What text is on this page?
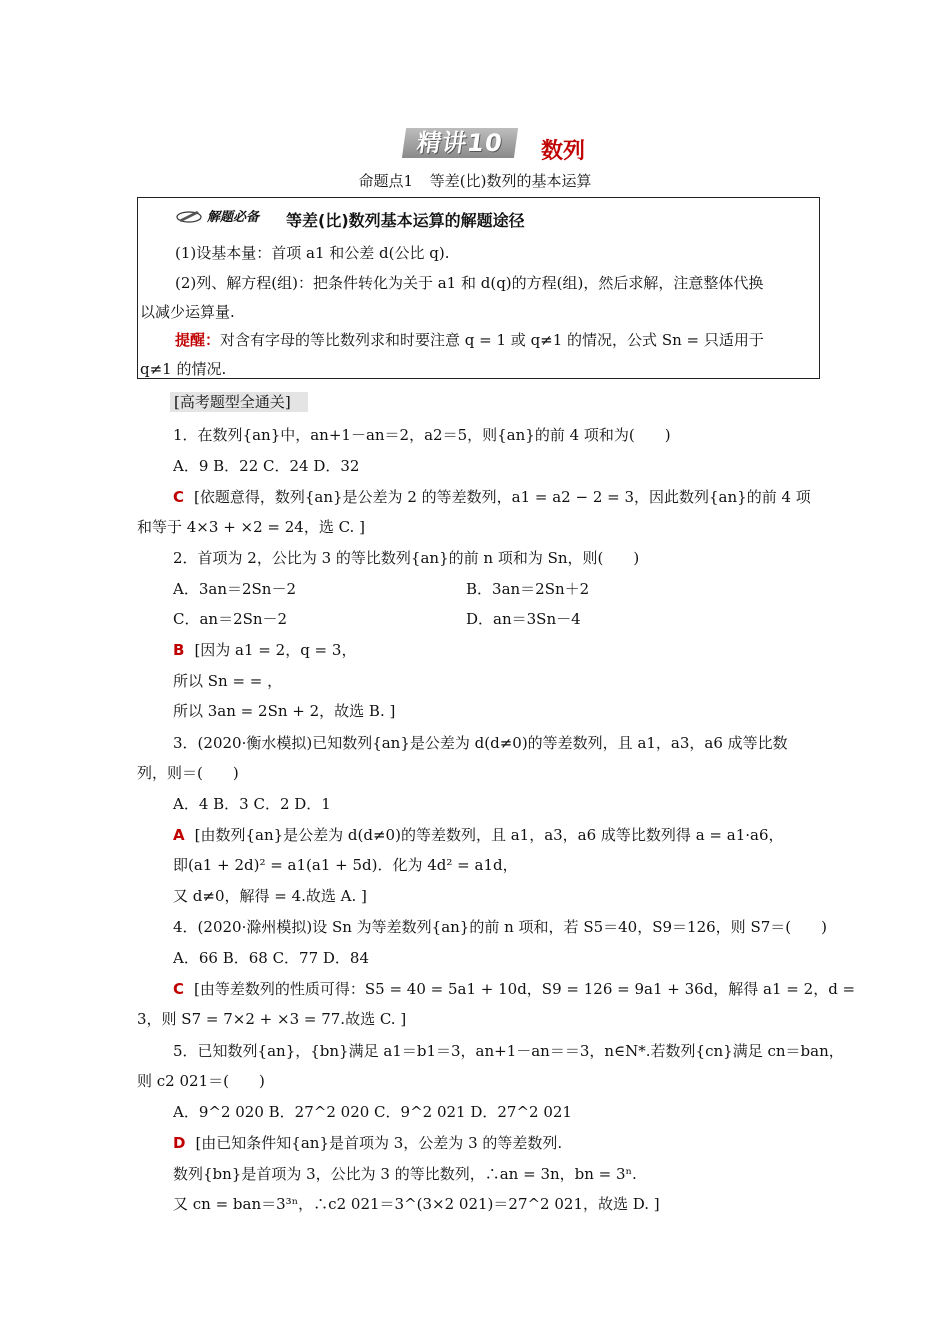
精讲10	数列
命题点1 等差(比)数列的基本运算
解题必备 等差(比)数列基本运算的解题途径
(1)设基本量：首项 a1 和公差 d(公比 q).
(2)列、解方程(组)：把条件转化为关于 a1 和 d(q)的方程(组)，然后求解，注意整体代换
以减少运算量.
提醒：对含有字母的等比数列求和时要注意 q = 1 或 q≠1 的情况，公式 Sn = 只适用于
q≠1 的情况.
[高考题型全通关]
1．在数列{an}中，an+1－an＝2，a2＝5，则{an}的前 4 项和为(　　)
A．9 B．22 C．24 D．32
C [依题意得，数列{an}是公差为 2 的等差数列，a1 = a2 − 2 = 3，因此数列{an}的前 4 项
和等于 4×3 + ×2 = 24，选 C. ]
2．首项为 2，公比为 3 的等比数列{an}的前 n 项和为 Sn，则(　　)
A．3an＝2Sn－2	B．3an＝2Sn＋2
C．an＝2Sn－2	D．an＝3Sn－4
B [因为 a1 = 2，q = 3，
所以 Sn = = ，
所以 3an = 2Sn + 2，故选 B. ]
3．(2020·衡水模拟)已知数列{an}是公差为 d(d≠0)的等差数列，且 a1，a3，a6 成等比数
列，则＝(　　)
A．4 B．3 C．2 D．1
A [由数列{an}是公差为 d(d≠0)的等差数列，且 a1，a3，a6 成等比数列得 a = a1·a6，
即(a1 + 2d)² = a1(a1 + 5d)．化为 4d² = a1d，
又 d≠0，解得 = 4.故选 A. ]
4．(2020·滁州模拟)设 Sn 为等差数列{an}的前 n 项和，若 S5＝40，S9＝126，则 S7＝(　　)
A．66 B．68 C．77 D．84
C [由等差数列的性质可得：S5 = 40 = 5a1 + 10d，S9 = 126 = 9a1 + 36d，解得 a1 = 2，d =
3，则 S7 = 7×2 + ×3 = 77.故选 C. ]
5．已知数列{an}，{bn}满足 a1＝b1＝3，an+1－an＝＝3，n∈N*.若数列{cn}满足 cn＝ban，
则 c2 021＝(　　)
A．9^2 020 B．27^2 020 C．9^2 021 D．27^2 021
D [由已知条件知{an}是首项为 3，公差为 3 的等差数列.
数列{bn}是首项为 3，公比为 3 的等比数列，∴an = 3n，bn = 3ⁿ.
又 cn = ban＝3³ⁿ，∴c2 021＝3^(3×2 021)＝27^2 021，故选 D. ]
